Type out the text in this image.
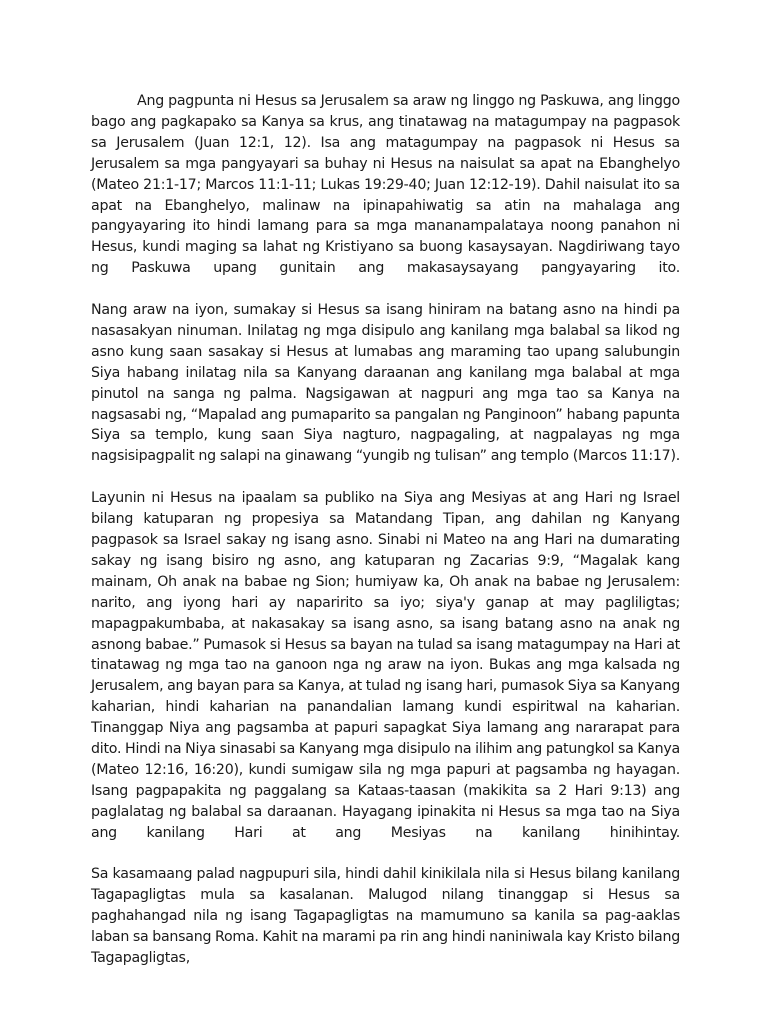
Ang pagpunta ni Hesus sa Jerusalem sa araw ng linggo ng Paskuwa, ang linggo bago ang pagkapako sa Kanya sa krus, ang tinatawag na matagumpay na pagpasok sa Jerusalem (Juan 12:1, 12). Isa ang matagumpay na pagpasok ni Hesus sa Jerusalem sa mga pangyayari sa buhay ni Hesus na naisulat sa apat na Ebanghelyo (Mateo 21:1-17; Marcos 11:1-11; Lukas 19:29-40; Juan 12:12-19). Dahil naisulat ito sa apat na Ebanghelyo, malinaw na ipinapahiwatig sa atin na mahalaga ang pangyayaring ito hindi lamang para sa mga mananampalataya noong panahon ni Hesus, kundi maging sa lahat ng Kristiyano sa buong kasaysayan. Nagdiriwang tayo ng Paskuwa upang gunitain ang makasaysayang pangyayaring ito.

Nang araw na iyon, sumakay si Hesus sa isang hiniram na batang asno na hindi pa nasasakyan ninuman. Inilatag ng mga disipulo ang kanilang mga balabal sa likod ng asno kung saan sasakay si Hesus at lumabas ang maraming tao upang salubungin Siya habang inilatag nila sa Kanyang daraanan ang kanilang mga balabal at mga pinutol na sanga ng palma. Nagsigawan at nagpuri ang mga tao sa Kanya na nagsasabi ng, “Mapalad ang pumaparito sa pangalan ng Panginoon” habang papunta Siya sa templo, kung saan Siya nagturo, nagpagaling, at nagpalayas ng mga nagsisipagpalit ng salapi na ginawang “yungib ng tulisan” ang templo (Marcos 11:17).

Layunin ni Hesus na ipaalam sa publiko na Siya ang Mesiyas at ang Hari ng Israel bilang katuparan ng propesiya sa Matandang Tipan, ang dahilan ng Kanyang pagpasok sa Israel sakay ng isang asno. Sinabi ni Mateo na ang Hari na dumarating sakay ng isang bisiro ng asno, ang katuparan ng Zacarias 9:9, “Magalak kang mainam, Oh anak na babae ng Sion; humiyaw ka, Oh anak na babae ng Jerusalem: narito, ang iyong hari ay naparirito sa iyo; siya'y ganap at may pagliligtas; mapagpakumbaba, at nakasakay sa isang asno, sa isang batang asno na anak ng asnong babae.” Pumasok si Hesus sa bayan na tulad sa isang matagumpay na Hari at tinatawag ng mga tao na ganoon nga ng araw na iyon. Bukas ang mga kalsada ng Jerusalem, ang bayan para sa Kanya, at tulad ng isang hari, pumasok Siya sa Kanyang kaharian, hindi kaharian na panandalian lamang kundi espiritwal na kaharian. Tinanggap Niya ang pagsamba at papuri sapagkat Siya lamang ang nararapat para dito. Hindi na Niya sinasabi sa Kanyang mga disipulo na ilihim ang patungkol sa Kanya (Mateo 12:16, 16:20), kundi sumigaw sila ng mga papuri at pagsamba ng hayagan. Isang pagpapakita ng paggalang sa Kataas-taasan (makikita sa 2 Hari 9:13) ang paglalatag ng balabal sa daraanan. Hayagang ipinakita ni Hesus sa mga tao na Siya ang kanilang Hari at ang Mesiyas na kanilang hinihintay.

Sa kasamaang palad nagpupuri sila, hindi dahil kinikilala nila si Hesus bilang kanilang Tagapagligtas mula sa kasalanan. Malugod nilang tinanggap si Hesus sa paghahangad nila ng isang Tagapagligtas na mamumuno sa kanila sa pag-aaklas laban sa bansang Roma. Kahit na marami pa rin ang hindi naniniwala kay Kristo bilang Tagapagligtas,
